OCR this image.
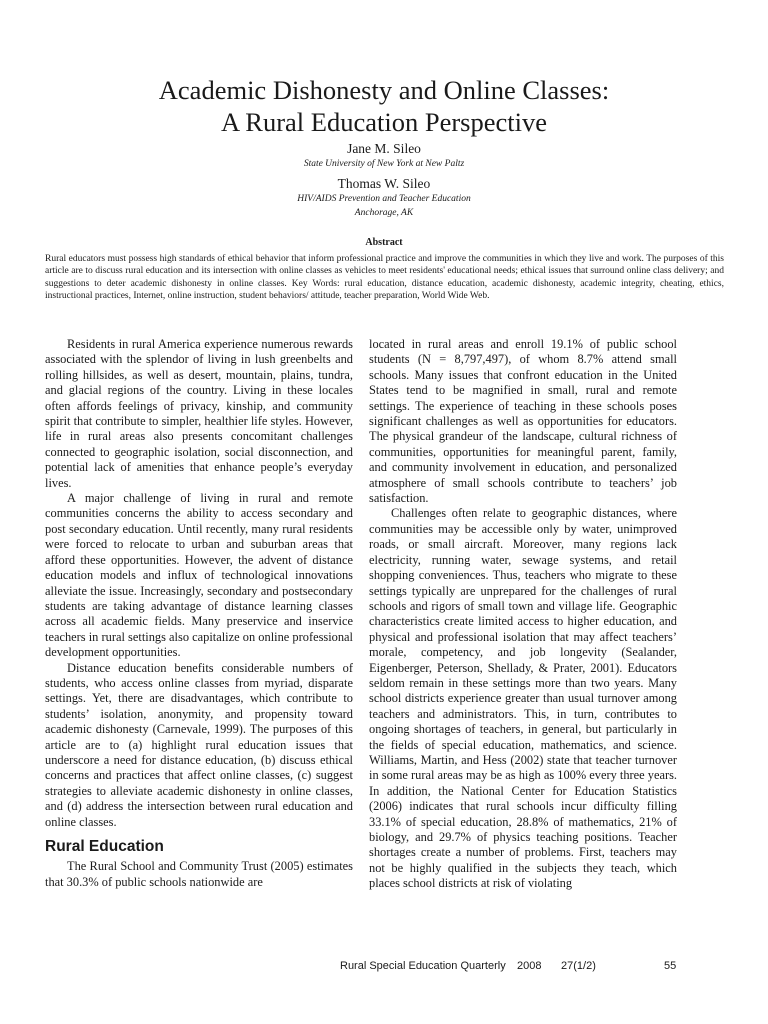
Academic Dishonesty and Online Classes:
A Rural Education Perspective
Jane M. Sileo
State University of New York at New Paltz
Thomas W. Sileo
HIV/AIDS Prevention and Teacher Education
Anchorage, AK
Abstract
Rural educators must possess high standards of ethical behavior that inform professional practice and improve the communities in which they live and work. The purposes of this article are to discuss rural education and its intersection with online classes as vehicles to meet residents' educational needs; ethical issues that surround online class delivery; and suggestions to deter academic dishonesty in online classes. Key Words: rural education, distance education, academic dishonesty, academic integrity, cheating, ethics, instructional practices, Internet, online instruction, student behaviors/ attitude, teacher preparation, World Wide Web.

Residents in rural America experience numerous rewards associated with the splendor of living in lush greenbelts and rolling hillsides, as well as desert, mountain, plains, tundra, and glacial regions of the country. Living in these locales often affords feelings of privacy, kinship, and community spirit that contribute to simpler, healthier life styles. However, life in rural areas also presents concomitant challenges connected to geographic isolation, social disconnection, and potential lack of amenities that enhance people’s everyday lives.

A major challenge of living in rural and remote communities concerns the ability to access secondary and post secondary education. Until recently, many rural residents were forced to relocate to urban and suburban areas that afford these opportunities. However, the advent of distance education models and influx of technological innovations alleviate the issue. Increasingly, secondary and postsecondary students are taking advantage of distance learning classes across all academic fields. Many preservice and inservice teachers in rural settings also capitalize on online professional development opportunities.

Distance education benefits considerable numbers of students, who access online classes from myriad, disparate settings. Yet, there are disadvantages, which contribute to students’ isolation, anonymity, and propensity toward academic dishonesty (Carnevale, 1999). The purposes of this article are to (a) highlight rural education issues that underscore a need for distance education, (b) discuss ethical concerns and practices that affect online classes, (c) suggest strategies to alleviate academic dishonesty in online classes, and (d) address the intersection between rural education and online classes.

Rural Education

The Rural School and Community Trust (2005) estimates that 30.3% of public schools nationwide are

located in rural areas and enroll 19.1% of public school students (N = 8,797,497), of whom 8.7% attend small schools. Many issues that confront education in the United States tend to be magnified in small, rural and remote settings. The experience of teaching in these schools poses significant challenges as well as opportunities for educators. The physical grandeur of the landscape, cultural richness of communities, opportunities for meaningful parent, family, and community involvement in education, and personalized atmosphere of small schools contribute to teachers’ job satisfaction.

Challenges often relate to geographic distances, where communities may be accessible only by water, unimproved roads, or small aircraft. Moreover, many regions lack electricity, running water, sewage systems, and retail shopping conveniences. Thus, teachers who migrate to these settings typically are unprepared for the challenges of rural schools and rigors of small town and village life. Geographic characteristics create limited access to higher education, and physical and professional isolation that may affect teachers’ morale, competency, and job longevity (Sealander, Eigenberger, Peterson, Shellady, & Prater, 2001). Educators seldom remain in these settings more than two years. Many school districts experience greater than usual turnover among teachers and administrators. This, in turn, contributes to ongoing shortages of teachers, in general, but particularly in the fields of special education, mathematics, and science. Williams, Martin, and Hess (2002) state that teacher turnover in some rural areas may be as high as 100% every three years. In addition, the National Center for Education Statistics (2006) indicates that rural schools incur difficulty filling 33.1% of special education, 28.8% of mathematics, 21% of biology, and 29.7% of physics teaching positions. Teacher shortages create a number of problems. First, teachers may not be highly qualified in the subjects they teach, which places school districts at risk of violating

Rural Special Education Quarterly 2008 27(1/2)	55
